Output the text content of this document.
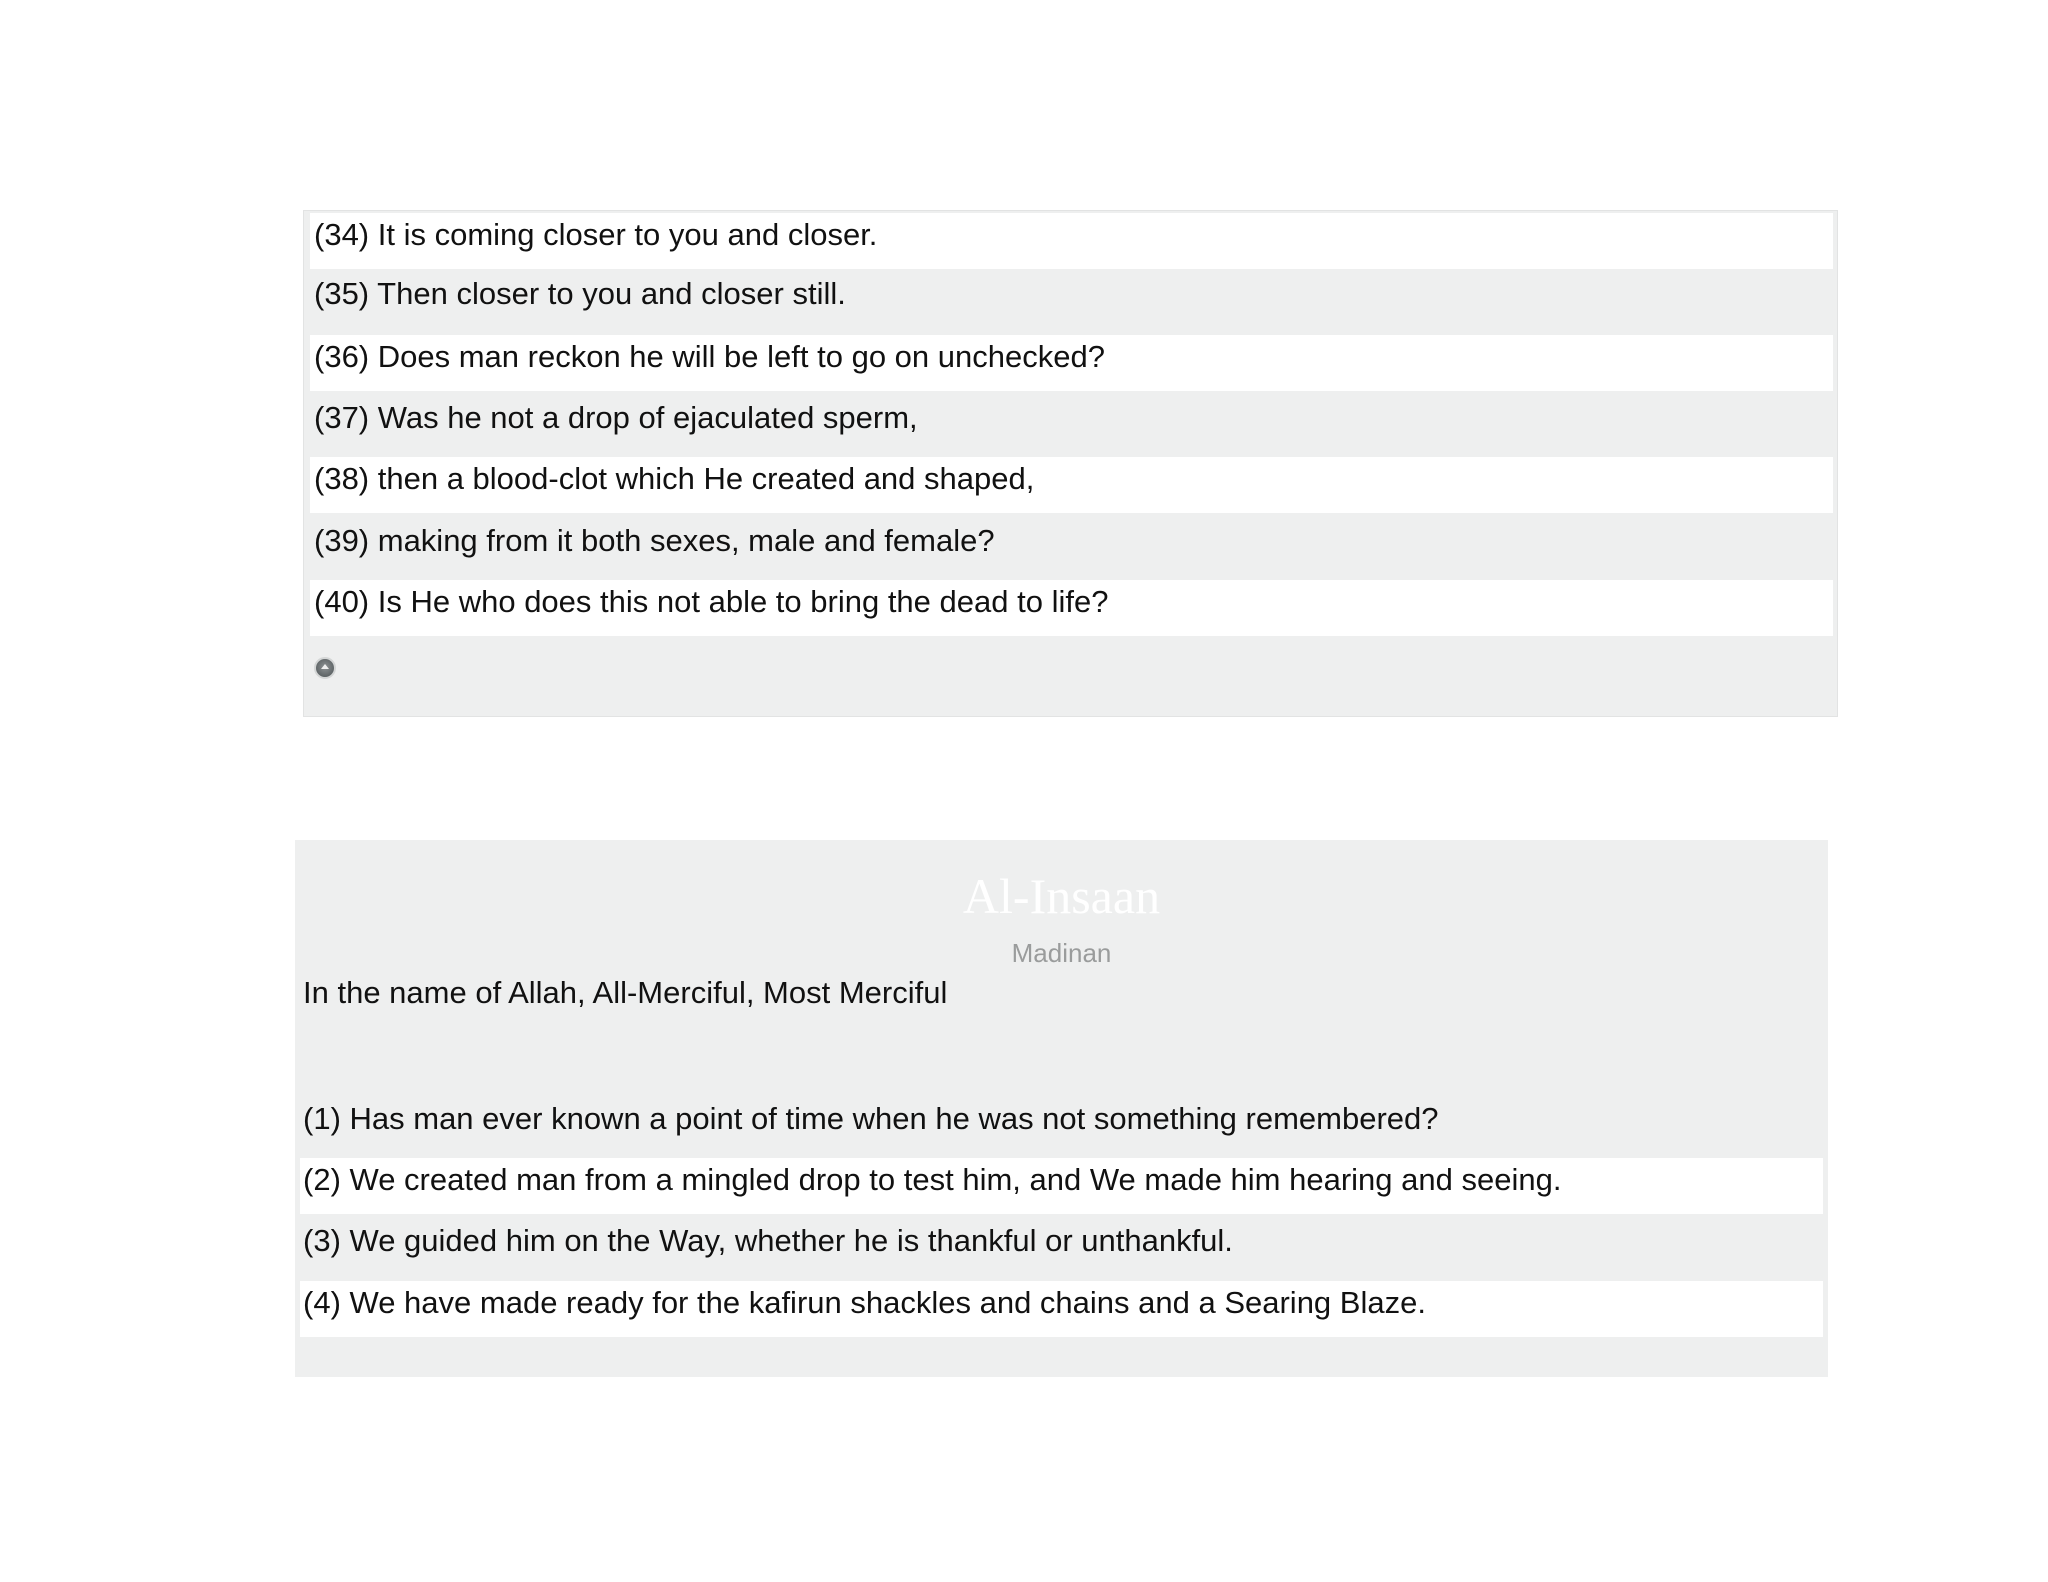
(34) It is coming closer to you and closer.
(35) Then closer to you and closer still.
(36) Does man reckon he will be left to go on unchecked?
(37) Was he not a drop of ejaculated sperm,
(38) then a blood-clot which He created and shaped,
(39) making from it both sexes, male and female?
(40) Is He who does this not able to bring the dead to life?
Al-Insaan
Madinan
In the name of Allah, All-Merciful, Most Merciful
(1) Has man ever known a point of time when he was not something remembered?
(2) We created man from a mingled drop to test him, and We made him hearing and seeing.
(3) We guided him on the Way, whether he is thankful or unthankful.
(4) We have made ready for the kafirun shackles and chains and a Searing Blaze.
